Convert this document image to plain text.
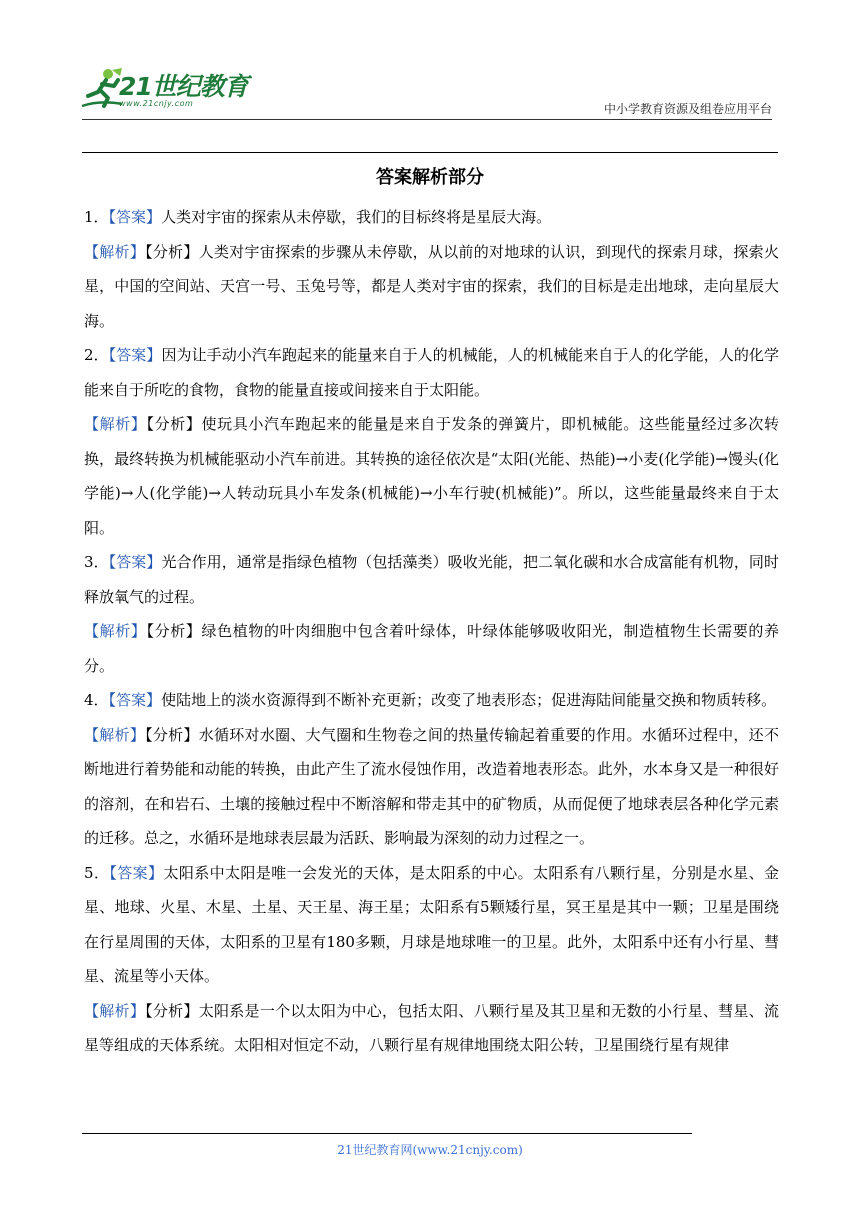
21世纪教育
www.21cnjy.com	中小学教育资源及组卷应用平台
答案解析部分

1．【答案】人类对宇宙的探索从未停歇，我们的目标终将是星辰大海。

【解析】【分析】人类对宇宙探索的步骤从未停歇，从以前的对地球的认识，到现代的探索月球，探索火星，中国的空间站、天宫一号、玉兔号等，都是人类对宇宙的探索，我们的目标是走出地球，走向星辰大海。

2．【答案】因为让手动小汽车跑起来的能量来自于人的机械能，人的机械能来自于人的化学能，人的化学能来自于所吃的食物，食物的能量直接或间接来自于太阳能。

【解析】【分析】使玩具小汽车跑起来的能量是来自于发条的弹簧片，即机械能。这些能量经过多次转换，最终转换为机械能驱动小汽车前进。其转换的途径依次是“太阳(光能、热能)→小麦(化学能)→馒头(化学能)→人(化学能)→人转动玩具小车发条(机械能)→小车行驶(机械能)”。所以，这些能量最终来自于太阳。

3．【答案】光合作用，通常是指绿色植物（包括藻类）吸收光能，把二氧化碳和水合成富能有机物，同时释放氧气的过程。

【解析】【分析】绿色植物的叶肉细胞中包含着叶绿体，叶绿体能够吸收阳光，制造植物生长需要的养分。

4．【答案】使陆地上的淡水资源得到不断补充更新；改变了地表形态；促进海陆间能量交换和物质转移。

【解析】【分析】水循环对水圈、大气圈和生物卷之间的热量传输起着重要的作用。水循环过程中，还不断地进行着势能和动能的转换，由此产生了流水侵蚀作用，改造着地表形态。此外，水本身又是一种很好的溶剂，在和岩石、土壤的接触过程中不断溶解和带走其中的矿物质，从而促便了地球表层各种化学元素的迁移。总之，水循环是地球表层最为活跃、影响最为深刻的动力过程之一。

5．【答案】太阳系中太阳是唯一会发光的天体，是太阳系的中心。太阳系有八颗行星，分别是水星、金星、地球、火星、木星、土星、天王星、海王星；太阳系有5颗矮行星，冥王星是其中一颗；卫星是围绕在行星周围的天体，太阳系的卫星有180多颗，月球是地球唯一的卫星。此外，太阳系中还有小行星、彗星、流星等小天体。

【解析】【分析】太阳系是一个以太阳为中心，包括太阳、八颗行星及其卫星和无数的小行星、彗星、流星等组成的天体系统。太阳相对恒定不动，八颗行星有规律地围绕太阳公转，卫星围绕行星有规律

21世纪教育网(www.21cnjy.com)
